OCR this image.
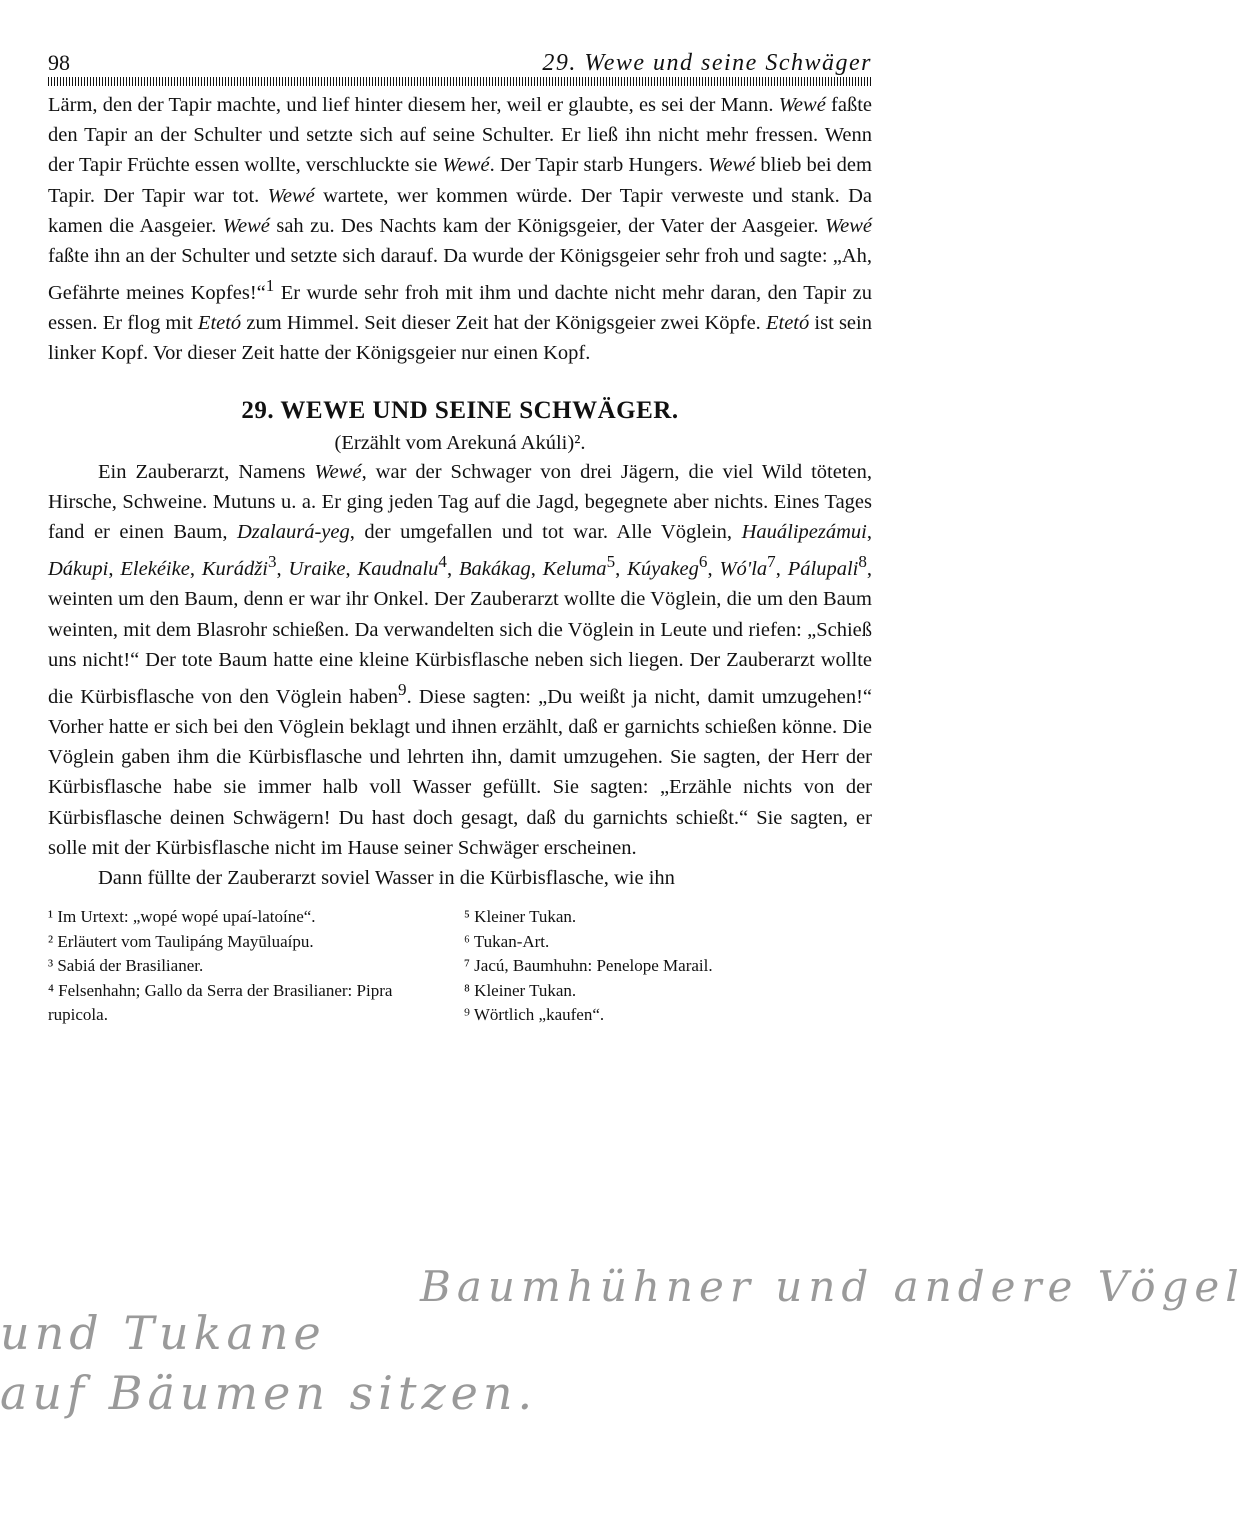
98	29. Wewe und seine Schwäger

Lärm, den der Tapir machte, und lief hinter diesem her, weil er glaubte, es sei der Mann. Wewé faßte den Tapir an der Schulter und setzte sich auf seine Schulter. Er ließ ihn nicht mehr fressen. Wenn der Tapir Früchte essen wollte, verschluckte sie Wewé. Der Tapir starb Hungers. Wewé blieb bei dem Tapir. Der Tapir war tot. Wewé wartete, wer kommen würde. Der Tapir verweste und stank. Da kamen die Aasgeier. Wewé sah zu. Des Nachts kam der Königsgeier, der Vater der Aasgeier. Wewé faßte ihn an der Schulter und setzte sich darauf. Da wurde der Königsgeier sehr froh und sagte: „Ah, Gefährte meines Kopfes!“$^1$ Er wurde sehr froh mit ihm und dachte nicht mehr daran, den Tapir zu essen. Er flog mit Etetó zum Himmel. Seit dieser Zeit hat der Königsgeier zwei Köpfe. Etetó ist sein linker Kopf. Vor dieser Zeit hatte der Königsgeier nur einen Kopf.

29. WEWE UND SEINE SCHWÄGER.

(Erzählt vom Arekuná Akúli)².

Ein Zauberarzt, Namens Wewé, war der Schwager von drei Jägern, die viel Wild töteten, Hirsche, Schweine. Mutuns u. a. Er ging jeden Tag auf die Jagd, begegnete aber nichts. Eines Tages fand er einen Baum, Dzalaurá-yeg, der umgefallen und tot war. Alle Vöglein, Hauálipezámui, Dákupi, Elekéike, Kurádži$^3$, Uraike, Kaudnalu$^4$, Bakákag, Keluma$^5$, Kúyakeg$^6$, $Wó'la^7$, Pálupali$^8$, weinten um den Baum, denn er war ihr Onkel. Der Zauberarzt wollte die Vöglein, die um den Baum weinten, mit dem Blasrohr schießen. Da verwandelten sich die Vöglein in Leute und riefen: „Schieß uns nicht!“ Der tote Baum hatte eine kleine Kürbisflasche neben sich liegen. Der Zauberarzt wollte die Kürbisflasche von den Vöglein haben$^9$. Diese sagten: „Du weißt ja nicht, damit umzugehen!“ Vorher hatte er sich bei den Vöglein beklagt und ihnen erzählt, daß er garnichts schießen könne. Die Vöglein gaben ihm die Kürbisflasche und lehrten ihn, damit umzugehen. Sie sagten, der Herr der Kürbisflasche habe sie immer halb voll Wasser gefüllt. Sie sagten: „Erzähle nichts von der Kürbisflasche deinen Schwägern! Du hast doch gesagt, daß du garnichts schießt.“ Sie sagten, er solle mit der Kürbisflasche nicht im Hause seiner Schwäger erscheinen.

Dann füllte der Zauberarzt soviel Wasser in die Kürbisflasche, wie ihn

¹ Im Urtext: „wopé wopé upaí-latoíne“.

² Erläutert vom Taulipáng Mayūluaípu.

³ Sabiá der Brasilianer.

⁴ Felsenhahn; Gallo da Serra der Brasilianer: Pipra rupicola.

⁵ Kleiner Tukan.

⁶ Tukan-Art.

⁷ Jacú, Baumhuhn: Penelope Marail.

⁸ Kleiner Tukan.

⁹ Wörtlich „kaufen“.

Baumhühner und andere Vögel
und Tukane
auf Bäumen sitzen.
